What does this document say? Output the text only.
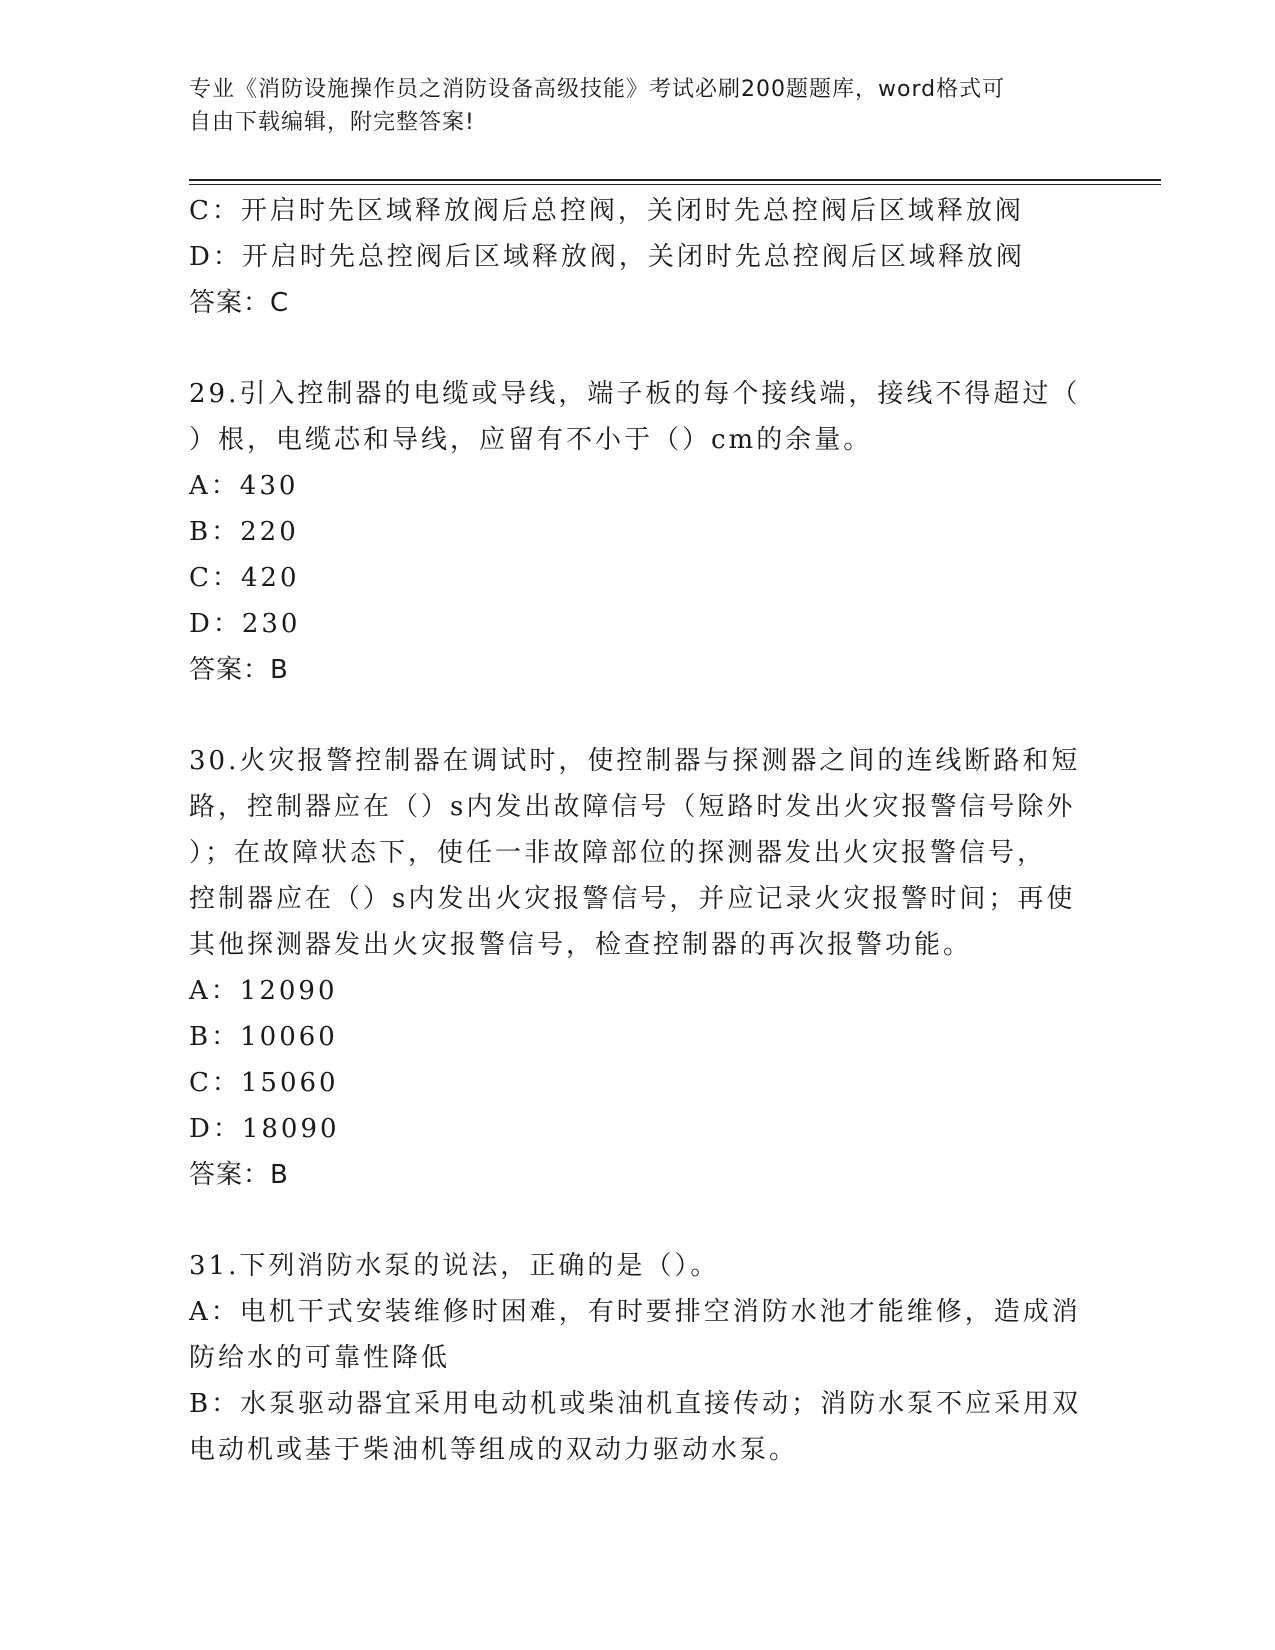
专业《消防设施操作员之消防设备高级技能》考试必刷200题题库，word格式可

自由下载编辑，附完整答案!

C：开启时先区域释放阀后总控阀，关闭时先总控阀后区域释放阀
D：开启时先总控阀后区域释放阀，关闭时先总控阀后区域释放阀
答案：C
29.引入控制器的电缆或导线，端子板的每个接线端，接线不得超过（
）根，电缆芯和导线，应留有不小于（）cm的余量。
A：430
B：220
C：420
D：230
答案：B
30.火灾报警控制器在调试时，使控制器与探测器之间的连线断路和短
路，控制器应在（）s内发出故障信号（短路时发出火灾报警信号除外
）；在故障状态下，使任一非故障部位的探测器发出火灾报警信号，
控制器应在（）s内发出火灾报警信号，并应记录火灾报警时间；再使
其他探测器发出火灾报警信号，检查控制器的再次报警功能。
A：12090
B：10060
C：15060
D：18090
答案：B
31.下列消防水泵的说法，正确的是（）。
A：电机干式安装维修时困难，有时要排空消防水池才能维修，造成消
防给水的可靠性降低
B：水泵驱动器宜采用电动机或柴油机直接传动；消防水泵不应采用双
电动机或基于柴油机等组成的双动力驱动水泵。
